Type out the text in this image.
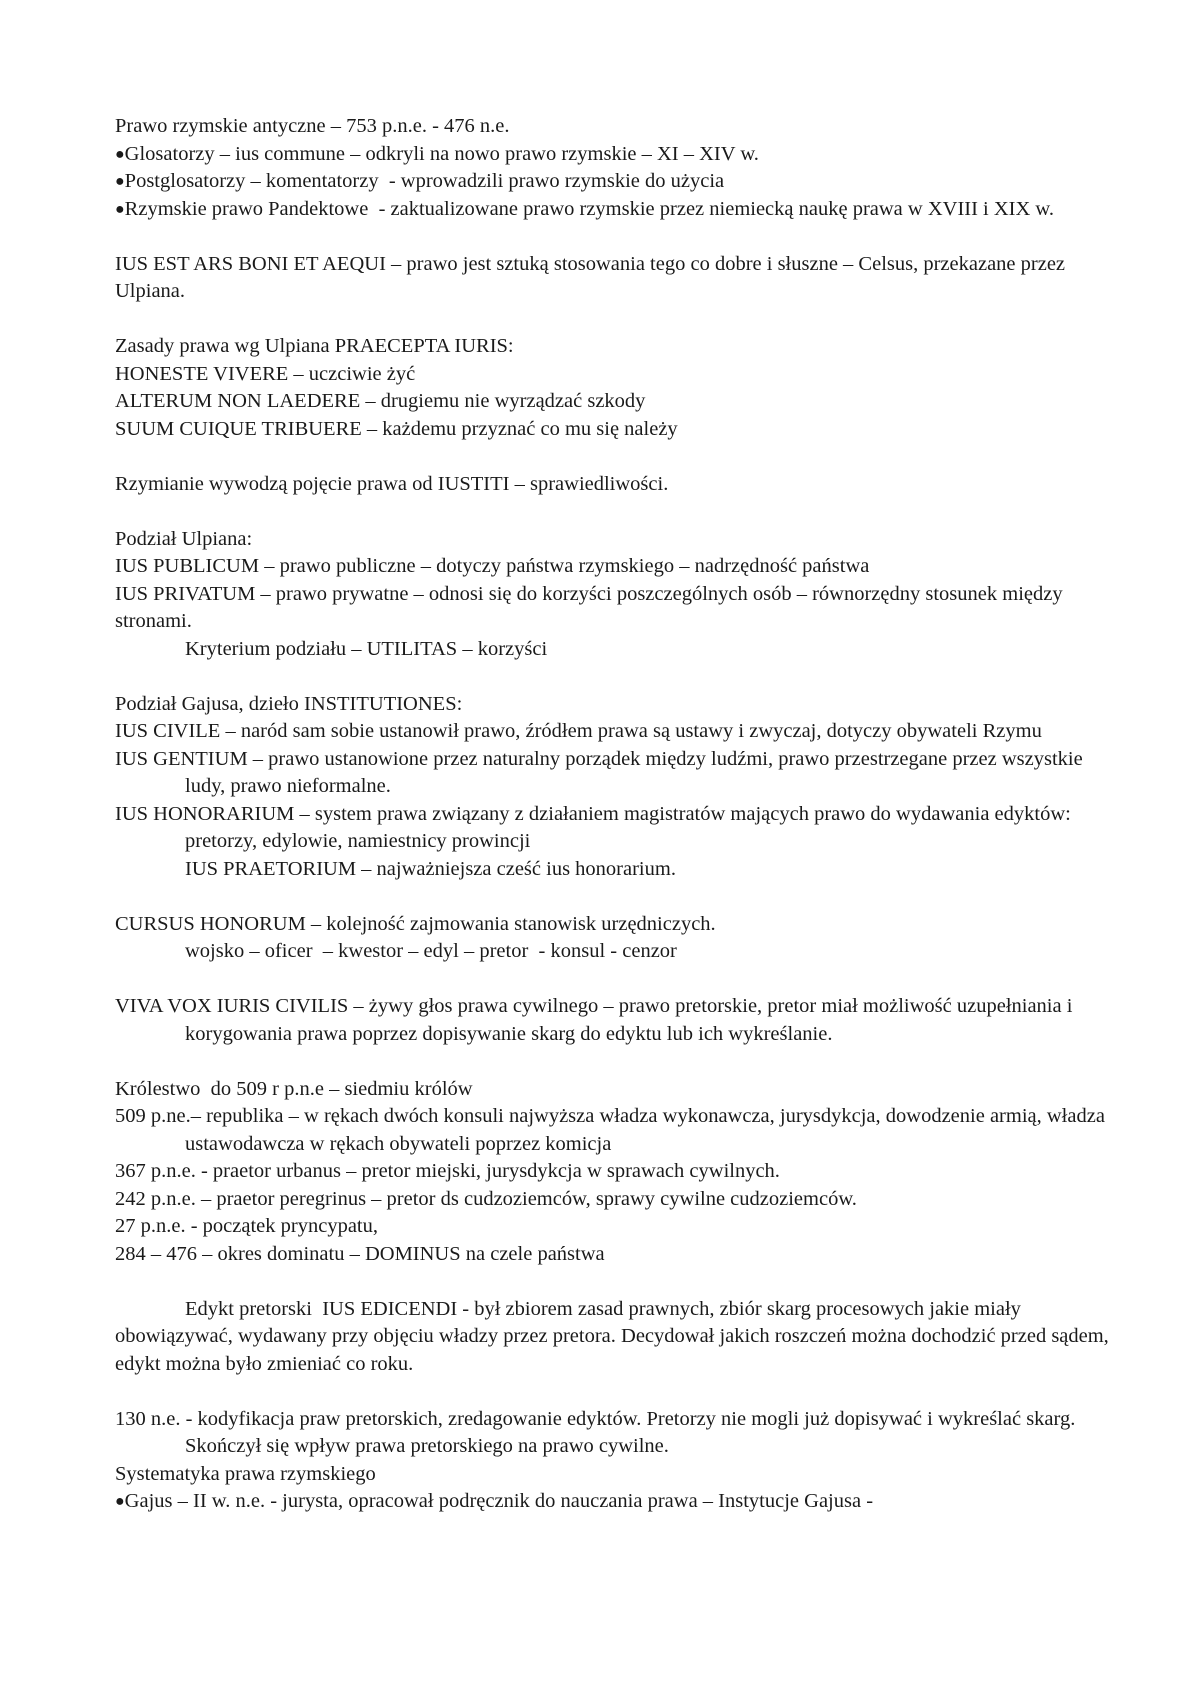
Prawo rzymskie antyczne – 753 p.n.e. - 476 n.e.
●Glosatorzy – ius commune – odkryli na nowo prawo rzymskie – XI – XIV w.
●Postglosatorzy – komentatorzy  - wprowadzili prawo rzymskie do użycia
●Rzymskie prawo Pandektowe  - zaktualizowane prawo rzymskie przez niemiecką naukę prawa w XVIII i XIX w.
IUS EST ARS BONI ET AEQUI – prawo jest sztuką stosowania tego co dobre i słuszne – Celsus, przekazane przez Ulpiana.
Zasady prawa wg Ulpiana PRAECEPTA IURIS:
HONESTE VIVERE – uczciwie żyć
ALTERUM NON LAEDERE – drugiemu nie wyrządzać szkody
SUUM CUIQUE TRIBUERE – każdemu przyznać co mu się należy
Rzymianie wywodzą pojęcie prawa od IUSTITI – sprawiedliwości.
Podział Ulpiana:
IUS PUBLICUM – prawo publiczne – dotyczy państwa rzymskiego – nadrzędność państwa
IUS PRIVATUM – prawo prywatne – odnosi się do korzyści poszczególnych osób – równorzędny stosunek między stronami.
Kryterium podziału – UTILITAS – korzyści
Podział Gajusa, dzieło INSTITUTIONES:
IUS CIVILE – naród sam sobie ustanowił prawo, źródłem prawa są ustawy i zwyczaj, dotyczy obywateli Rzymu
IUS GENTIUM – prawo ustanowione przez naturalny porządek między ludźmi, prawo przestrzegane przez wszystkie ludy, prawo nieformalne.
IUS HONORARIUM – system prawa związany z działaniem magistratów mających prawo do wydawania edyktów: pretorzy, edylowie, namiestnicy prowincji
IUS PRAETORIUM – najważniejsza cześć ius honorarium.
CURSUS HONORUM – kolejność zajmowania stanowisk urzędniczych.
wojsko – oficer  – kwestor – edyl – pretor  - konsul - cenzor
VIVA VOX IURIS CIVILIS – żywy głos prawa cywilnego – prawo pretorskie, pretor miał możliwość uzupełniania i korygowania prawa poprzez dopisywanie skarg do edyktu lub ich wykreślanie.
Królestwo  do 509 r p.n.e – siedmiu królów
509 p.ne.– republika – w rękach dwóch konsuli najwyższa władza wykonawcza, jurysdykcja, dowodzenie armią, władza ustawodawcza w rękach obywateli poprzez komicja
367 p.n.e. - praetor urbanus – pretor miejski, jurysdykcja w sprawach cywilnych.
242 p.n.e. – praetor peregrinus – pretor ds cudzoziemców, sprawy cywilne cudzoziemców.
27 p.n.e. - początek pryncypatu,
284 – 476 – okres dominatu – DOMINUS na czele państwa
Edykt pretorski  IUS EDICENDI - był zbiorem zasad prawnych, zbiór skarg procesowych jakie miały obowiązywać, wydawany przy objęciu władzy przez pretora. Decydował jakich roszczeń można dochodzić przed sądem, edykt można było zmieniać co roku.
130 n.e. - kodyfikacja praw pretorskich, zredagowanie edyktów. Pretorzy nie mogli już dopisywać i wykreślać skarg. Skończył się wpływ prawa pretorskiego na prawo cywilne.
Systematyka prawa rzymskiego
●Gajus – II w. n.e. - jurysta, opracował podręcznik do nauczania prawa – Instytucje Gajusa -
